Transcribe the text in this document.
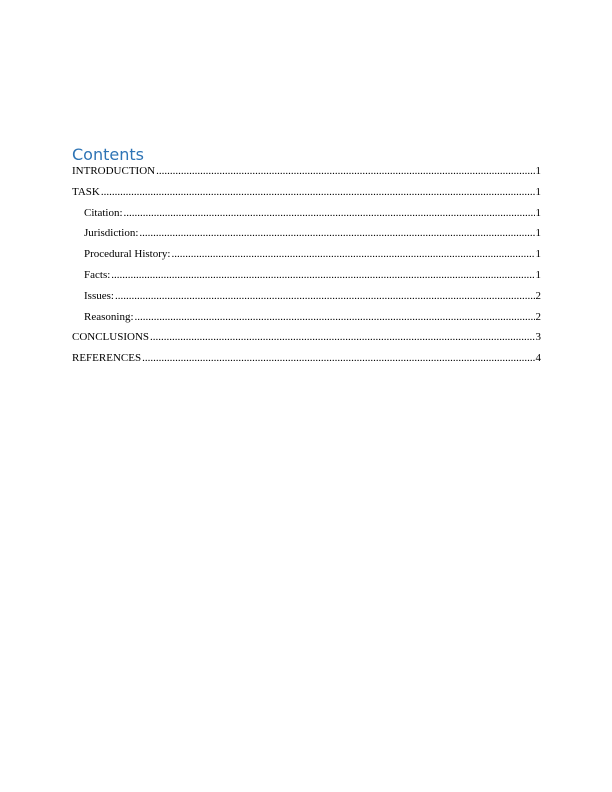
Contents
INTRODUCTION .....	1
TASK .....	1
Citation: .....	1
Jurisdiction: .....	1
Procedural History: .....	1
Facts: .....	1
Issues: .....	2
Reasoning: .....	2
CONCLUSIONS .....	3
REFERENCES .....	4
